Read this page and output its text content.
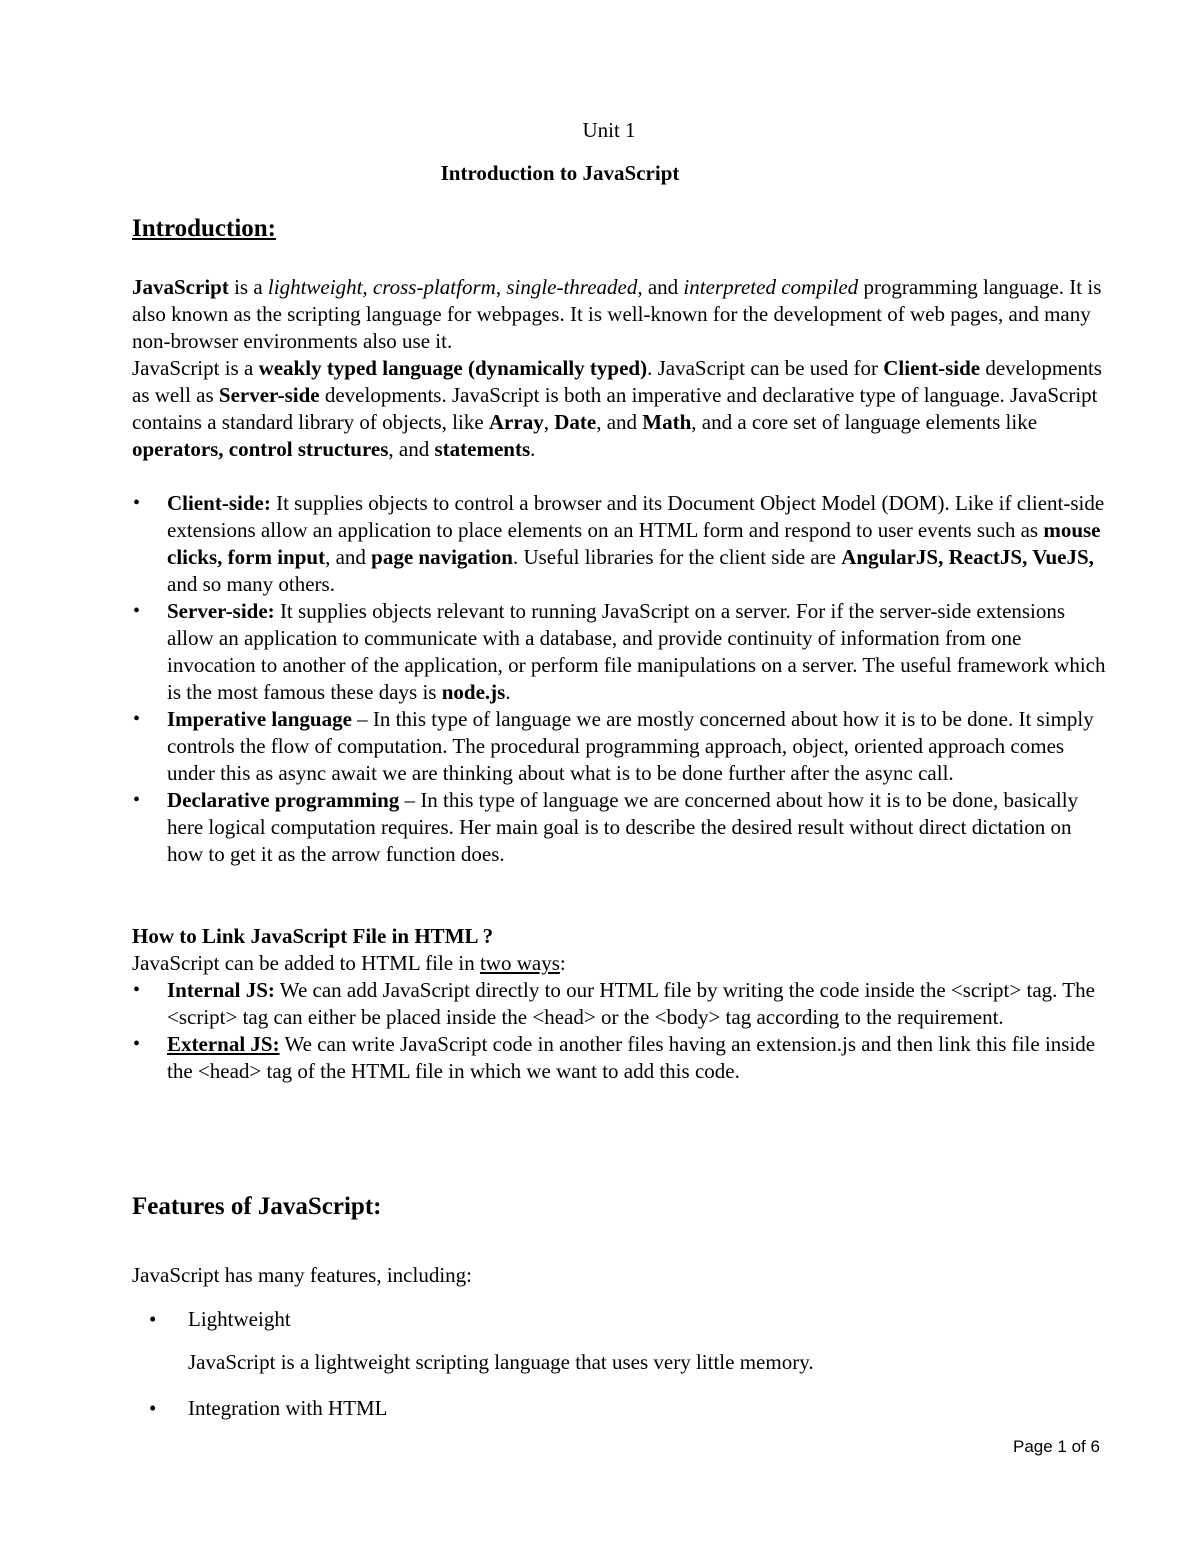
Unit 1
Introduction to JavaScript
Introduction:

JavaScript is a lightweight, cross-platform, single-threaded, and interpreted compiled programming language. It is also known as the scripting language for webpages. It is well-known for the development of web pages, and many non-browser environments also use it.

JavaScript is a weakly typed language (dynamically typed). JavaScript can be used for Client-side developments as well as Server-side developments. JavaScript is both an imperative and declarative type of language. JavaScript contains a standard library of objects, like Array, Date, and Math, and a core set of language elements like operators, control structures, and statements.

• Client-side: It supplies objects to control a browser and its Document Object Model (DOM). Like if client-side extensions allow an application to place elements on an HTML form and respond to user events such as mouse clicks, form input, and page navigation. Useful libraries for the client side are AngularJS, ReactJS, VueJS, and so many others.
• Server-side: It supplies objects relevant to running JavaScript on a server. For if the server-side extensions allow an application to communicate with a database, and provide continuity of information from one invocation to another of the application, or perform file manipulations on a server. The useful framework which is the most famous these days is node.js.
• Imperative language – In this type of language we are mostly concerned about how it is to be done. It simply controls the flow of computation. The procedural programming approach, object, oriented approach comes under this as async await we are thinking about what is to be done further after the async call.
• Declarative programming – In this type of language we are concerned about how it is to be done, basically here logical computation requires. Her main goal is to describe the desired result without direct dictation on how to get it as the arrow function does.
How to Link JavaScript File in HTML ?
JavaScript can be added to HTML file in two ways:
• Internal JS: We can add JavaScript directly to our HTML file by writing the code inside the <script> tag. The <script> tag can either be placed inside the <head> or the <body> tag according to the requirement.
• External JS: We can write JavaScript code in another files having an extension.js and then link this file inside the <head> tag of the HTML file in which we want to add this code.
Features of JavaScript:
JavaScript has many features, including:
• Lightweight
• Integration with HTML
JavaScript is a lightweight scripting language that uses very little memory.
Page 1 of 6
